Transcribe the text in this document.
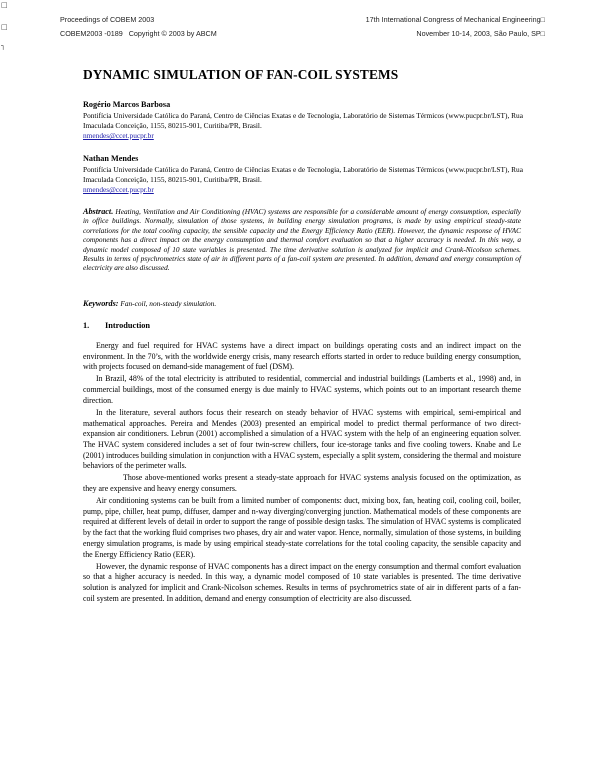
□
□
┐
Proceedings of COBEM 2003
COBEM2003 -0189 Copyright © 2003 by ABCM
17th International Congress of Mechanical Engineering□
November 10-14, 2003, São Paulo, SP□
DYNAMIC SIMULATION OF FAN-COIL SYSTEMS
Rogério Marcos Barbosa
Pontifícia Universidade Católica do Paraná, Centro de Ciências Exatas e de Tecnologia, Laboratório de Sistemas Térmicos (www.pucpr.br/LST), Rua Imaculada Conceição, 1155, 80215-901, Curitiba/PR, Brasil.
nmendes@ccet.pucpr.br
Nathan Mendes
Pontifícia Universidade Católica do Paraná, Centro de Ciências Exatas e de Tecnologia, Laboratório de Sistemas Térmicos (www.pucpr.br/LST), Rua Imaculada Conceição, 1155, 80215-901, Curitiba/PR, Brasil.
nmendes@ccet.pucpr.br
Abstract. Heating, Ventilation and Air Conditioning (HVAC) systems are responsible for a considerable amount of energy consumption, especially in office buildings. Normally, simulation of those systems, in building energy simulation programs, is made by using empirical steady-state correlations for the total cooling capacity, the sensible capacity and the Energy Efficiency Ratio (EER). However, the dynamic response of HVAC components has a direct impact on the energy consumption and thermal comfort evaluation so that a higher accuracy is needed. In this way, a dynamic model composed of 10 state variables is presented. The time derivative solution is analyzed for implicit and Crank-Nicolson schemes. Results in terms of psychrometrics state of air in different parts of a fan-coil system are presented. In addition, demand and energy consumption of electricity are also discussed.
Keywords: Fan-coil, non-steady simulation.
1. Introduction

Energy and fuel required for HVAC systems have a direct impact on buildings operating costs and an indirect impact on the environment. In the 70’s, with the worldwide energy crisis, many research efforts started in order to reduce building energy consumption, with projects focused on demand-side management of fuel (DSM).

In Brazil, 48% of the total electricity is attributed to residential, commercial and industrial buildings (Lamberts et al., 1998) and, in commercial buildings, most of the consumed energy is due mainly to HVAC systems, which points out to an important research theme direction.

In the literature, several authors focus their research on steady behavior of HVAC systems with empirical, semi-empirical and mathematical approaches. Pereira and Mendes (2003) presented an empirical model to predict thermal performance of two direct-expansion air conditioners. Lebrun (2001) accomplished a simulation of a HVAC system with the help of an engineering equation solver. The HVAC system considered includes a set of four twin-screw chillers, four ice-storage tanks and five cooling towers. Knabe and Le (2001) introduces building simulation in conjunction with a HVAC system, especially a split system, considering the thermal and moisture behaviors of the perimeter walls.

Those above-mentioned works present a steady-state approach for HVAC systems analysis focused on the optimization, as they are expensive and heavy energy consumers.

Air conditioning systems can be built from a limited number of components: duct, mixing box, fan, heating coil, cooling coil, boiler, pump, pipe, chiller, heat pump, diffuser, damper and n-way diverging/converging junction. Mathematical models of these components are required at different levels of detail in order to support the range of possible design tasks. The simulation of HVAC systems is complicated by the fact that the working fluid comprises two phases, dry air and water vapor. Hence, normally, simulation of those systems, in building energy simulation programs, is made by using empirical steady-state correlations for the total cooling capacity, the sensible capacity and the Energy Efficiency Ratio (EER).

However, the dynamic response of HVAC components has a direct impact on the energy consumption and thermal comfort evaluation so that a higher accuracy is needed. In this way, a dynamic model composed of 10 state variables is presented. The time derivative solution is analyzed for implicit and Crank-Nicolson schemes. Results in terms of psychrometrics state of air in different parts of a fan-coil system are presented. In addition, demand and energy consumption of electricity are also discussed.
